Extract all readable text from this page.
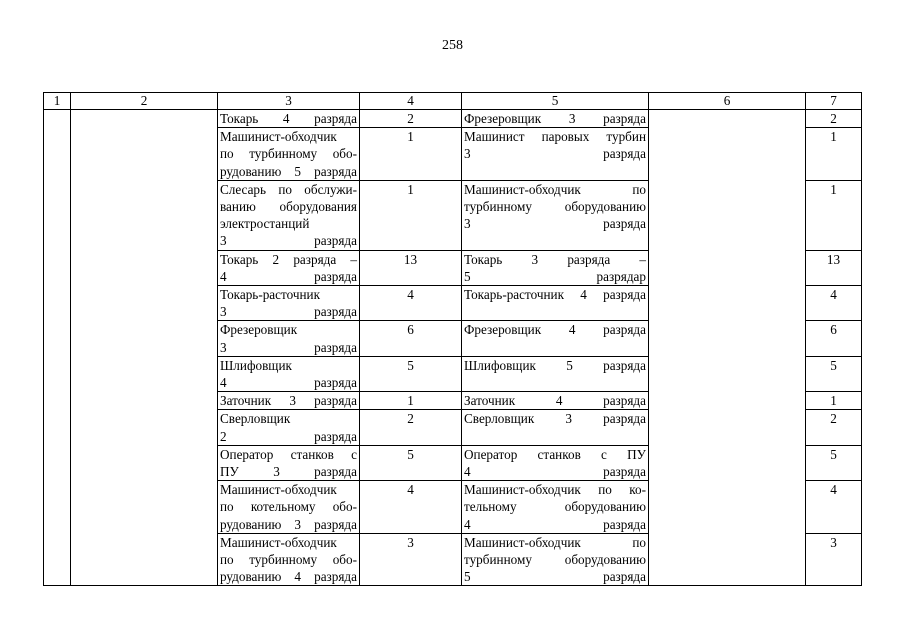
258
1	2	3	4	5	6	7

		Токарь 4 разряда	2	Фрезеровщик 3 разряда		2

		Машинист-обходчик
по турбинному обо-
рудованию 5 разряда	1	Машинист паровых турбин
3 разряда		1

		Слесарь по обслужи-
ванию оборудования
электростанций
3 разряда	1	Машинист-обходчик по
турбинному оборудованию
3 разряда		1

		Токарь 2 разряда –
4 разряда	13	Токарь 3 разряда –
5 разрядар		13

		Токарь-расточник
3 разряда	4	Токарь-расточник 4 разряда		4

		Фрезеровщик
3 разряда	6	Фрезеровщик 4 разряда		6

		Шлифовщик
4 разряда	5	Шлифовщик 5 разряда		5

		Заточник 3 разряда	1	Заточник 4 разряда		1

		Сверловщик
2 разряда	2	Сверловщик 3 разряда		2

		Оператор станков с
ПУ 3 разряда	5	Оператор станков с ПУ
4 разряда		5

		Машинист-обходчик
по котельному обо-
рудованию 3 разряда	4	Машинист-обходчик по ко-
тельному оборудованию
4 разряда		4

		Машинист-обходчик
по турбинному обо-
рудованию 4 разряда	3	Машинист-обходчик по
турбинному оборудованию
5 разряда		3
